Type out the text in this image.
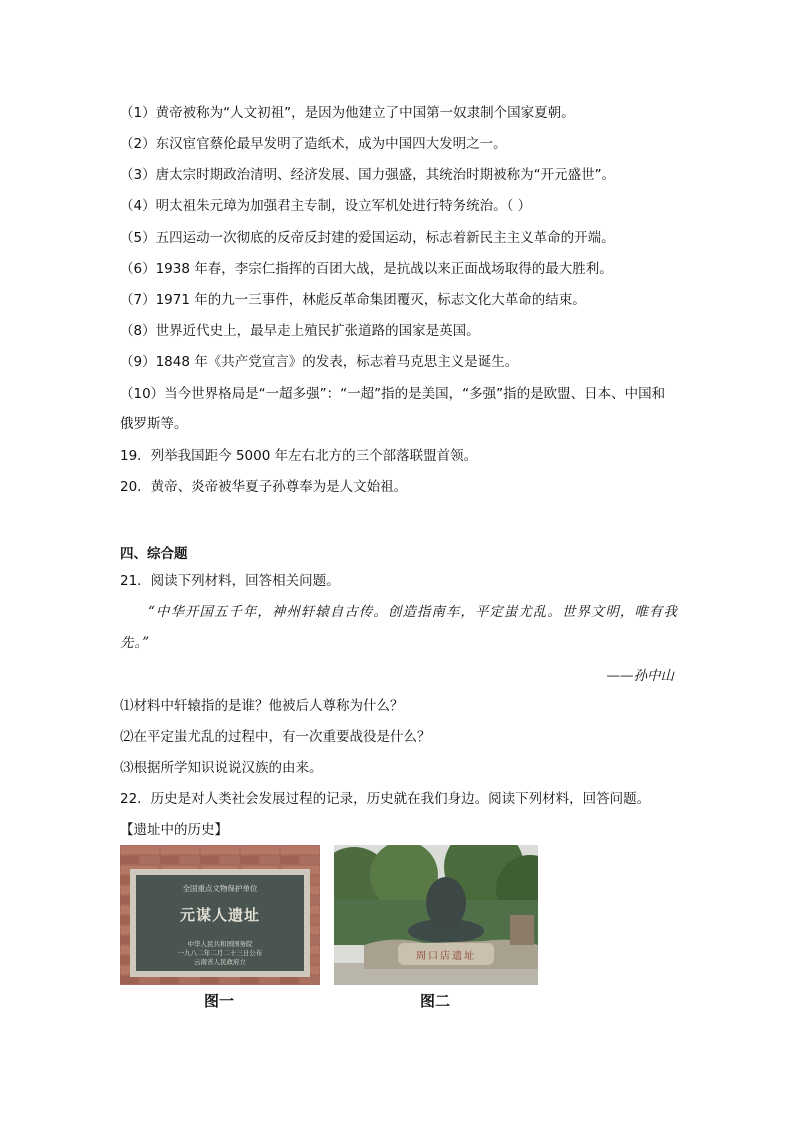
（1）黄帝被称为“人文初祖”，是因为他建立了中国第一奴隶制个国家夏朝。
（2）东汉宦官蔡伦最早发明了造纸术，成为中国四大发明之一。
（3）唐太宗时期政治清明、经济发展、国力强盛，其统治时期被称为“开元盛世”。
（4）明太祖朱元璋为加强君主专制，设立军机处进行特务统治。（ ）
（5）五四运动一次彻底的反帝反封建的爱国运动，标志着新民主主义革命的开端。
（6）1938 年春，李宗仁指挥的百团大战，是抗战以来正面战场取得的最大胜利。
（7）1971 年的九一三事件，林彪反革命集团覆灭，标志文化大革命的结束。
（8）世界近代史上，最早走上殖民扩张道路的国家是英国。
（9）1848 年《共产党宣言》的发表，标志着马克思主义是诞生。
（10）当今世界格局是“一超多强”：“一超”指的是美国，“多强”指的是欧盟、日本、中国和
俄罗斯等。
19．列举我国距今 5000 年左右北方的三个部落联盟首领。
20．黄帝、炎帝被华夏子孙尊奉为是人文始祖。
四、综合题
21．阅读下列材料，回答相关问题。
“中华开国五千年，神州轩辕自古传。创造指南车，平定蚩尤乱。世界文明，唯有我
先。”
——孙中山
⑴材料中轩辕指的是谁？他被后人尊称为什么？
⑵在平定蚩尤乱的过程中，有一次重要战役是什么？
⑶根据所学知识说说汉族的由来。
22．历史是对人类社会发展过程的记录，历史就在我们身边。阅读下列材料，回答问题。
【遗址中的历史】
全国重点文物保护单位
元谋人遗址
中华人民共和国国务院
一九八二年二月二十三日公布
云南省人民政府立
图一
周口店遗址
图二
